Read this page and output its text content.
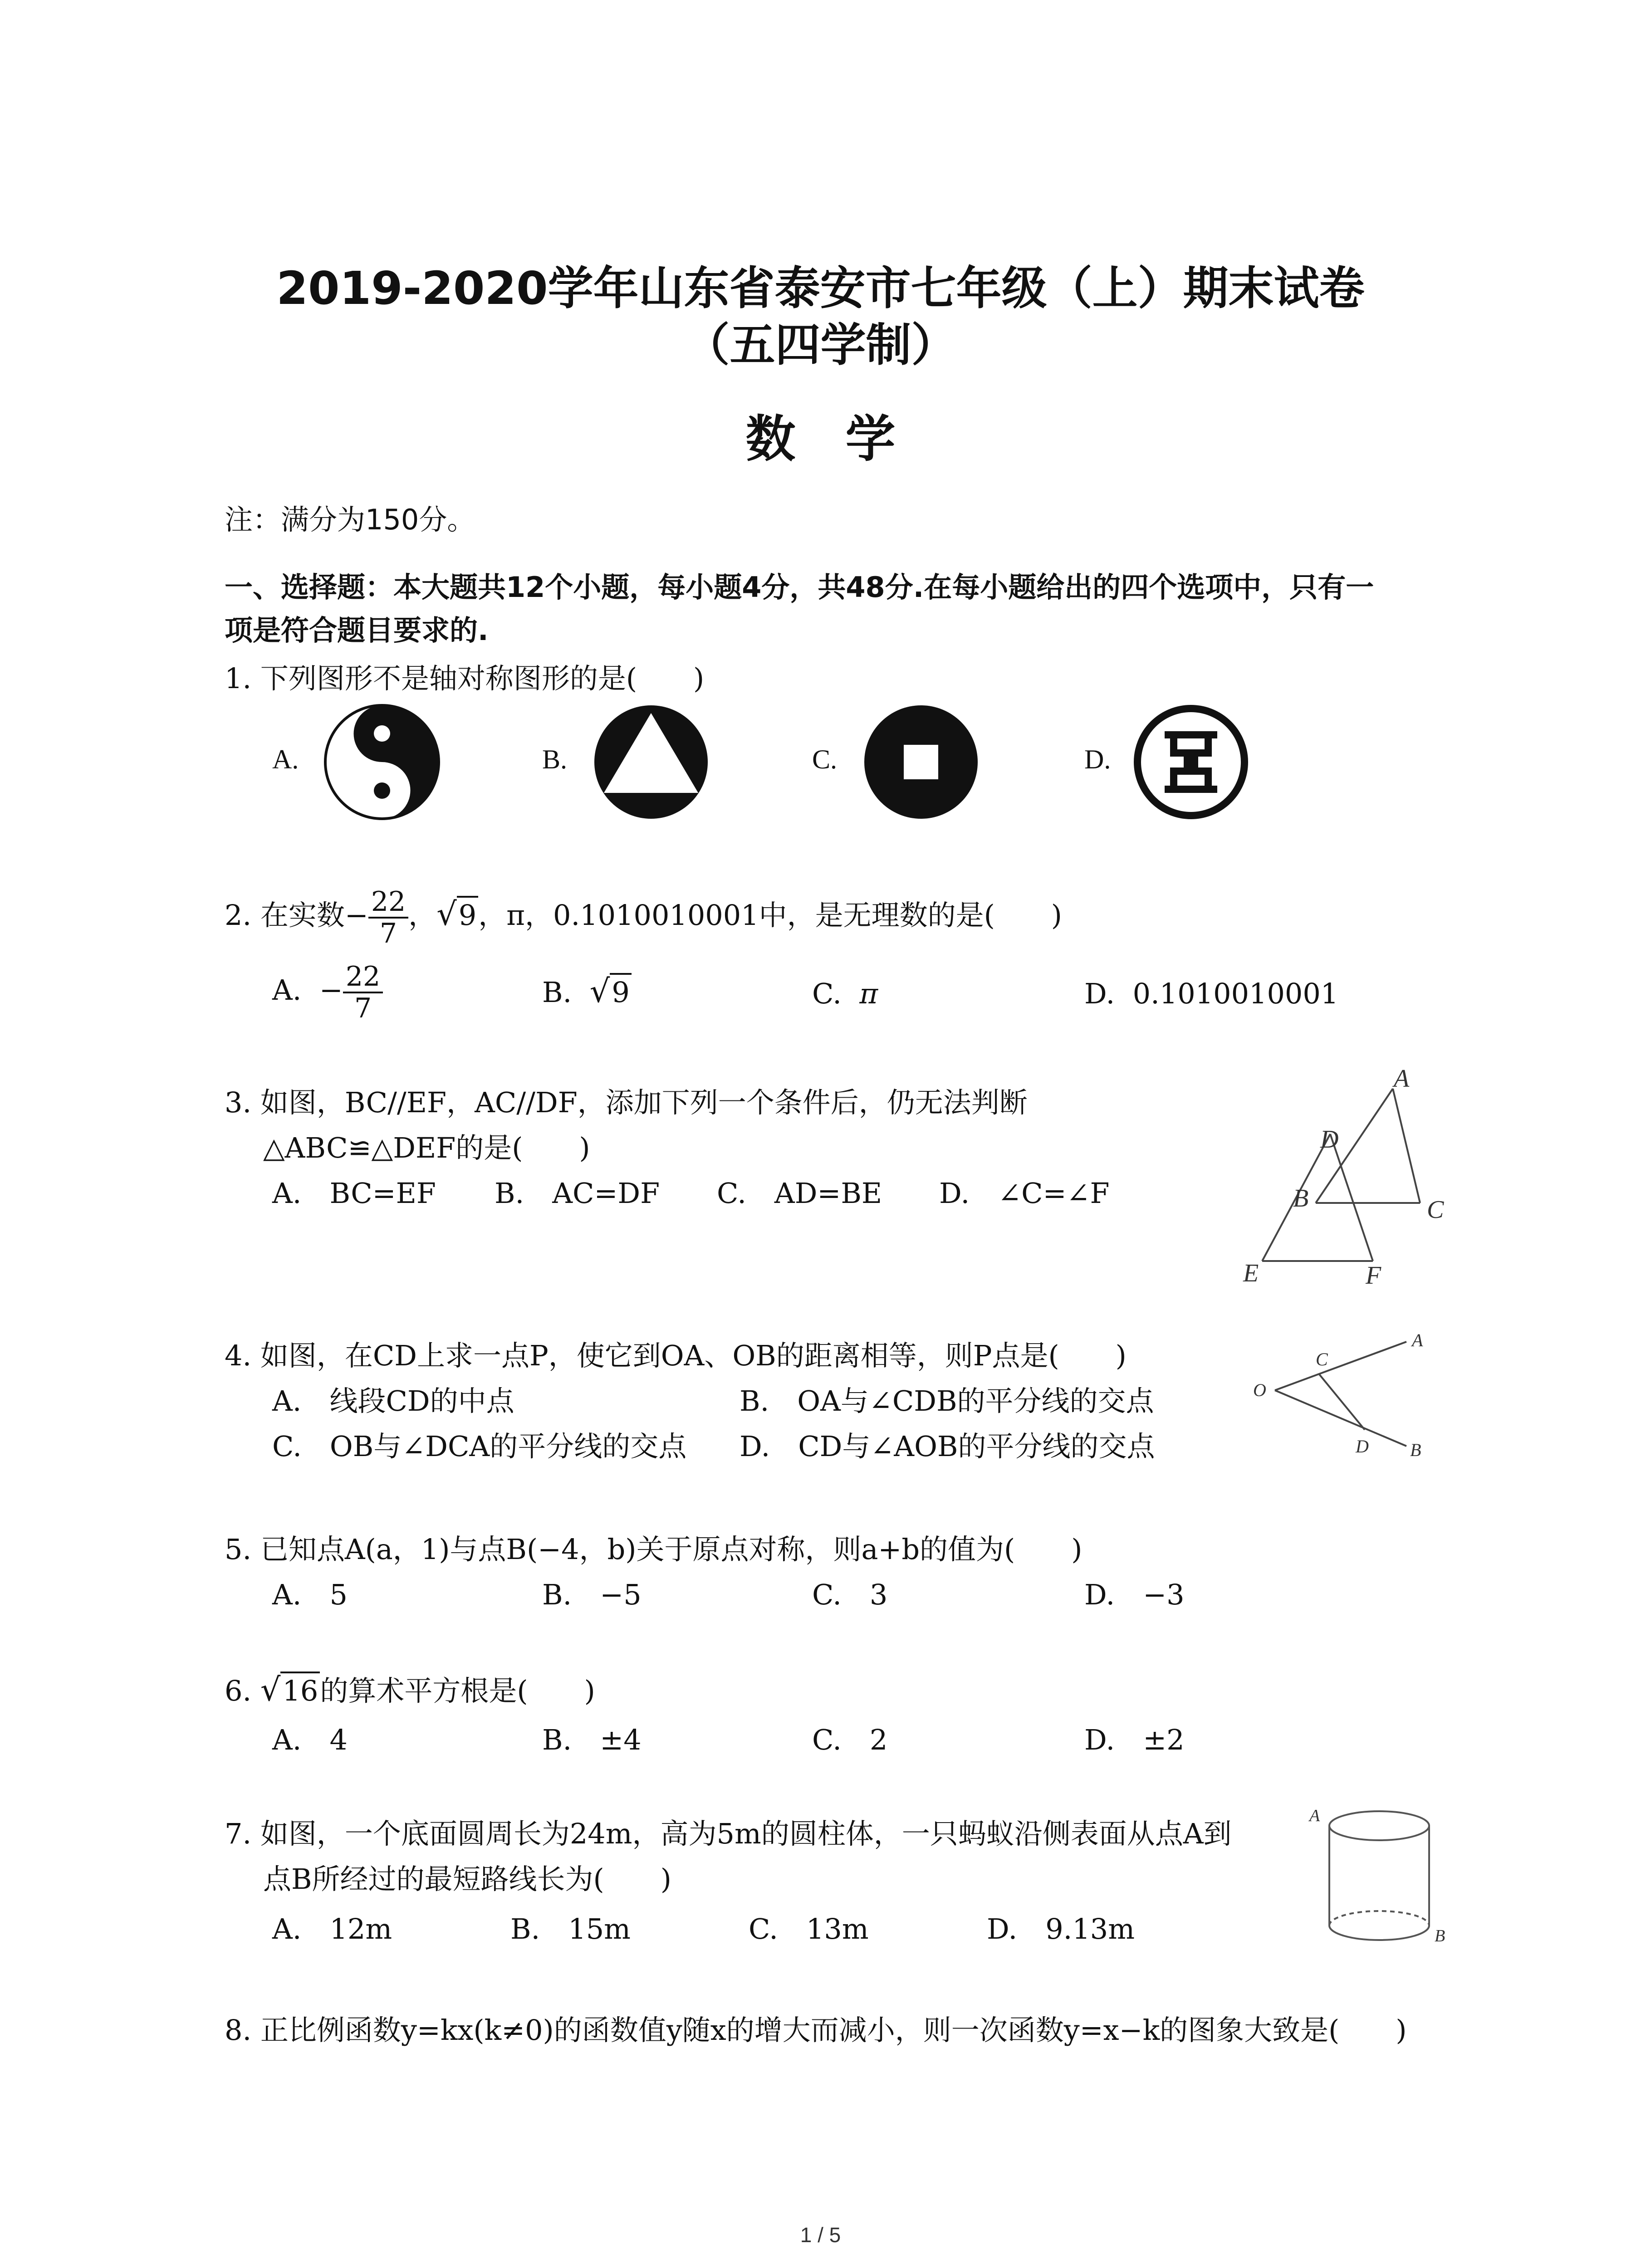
2019-2020学年山东省泰安市七年级（上）期末试卷
（五四学制）
数　学
注：满分为150分。
一、选择题：本大题共12个小题，每小题4分，共48分.在每小题给出的四个选项中，只有一
项是符合题目要求的.
1. 下列图形不是轴对称图形的是(　　)
A.	B.	C.	D.
2. 在实数− $\frac{22}{7}$ ，√9，π，0.1010010001中，是无理数的是(　　)
A. − $\frac{22}{7}$	B. √9	C. π	D. 0.1010010001
3. 如图，BC//EF，AC//DF，添加下列一个条件后，仍无法判断
△ABC≌△DEF的是(　　)
A.　BC=EF B.　AC=DF C.　AD=BE D.　∠C=∠F
A
D
B	C
E	F
4. 如图，在CD上求一点P，使它到OA、OB的距离相等，则P点是(　　)
A.　线段CD的中点	B.　OA与∠CDB的平分线的交点
C.　OB与∠DCA的平分线的交点 D.　CD与∠AOB的平分线的交点
C
A
O
D B
5. 已知点A(a，1)与点B(−4，b)关于原点对称，则a+b的值为(　　)
A.　5	B.　−5	C.　3	D.　−3
6. √16的算术平方根是(　　)
A.　4	B.　±4	C.　2	D.　±2
7. 如图，一个底面圆周长为24m，高为5m的圆柱体，一只蚂蚁沿侧表面从点A到
点B所经过的最短路线长为(　　)
A.　12m	B.　15m	C.　13m	D.　9.13m
A
B
8. 正比例函数y=kx(k≠0)的函数值y随x的增大而减小，则一次函数y=x−k的图象大致是(　　)
1 / 5
